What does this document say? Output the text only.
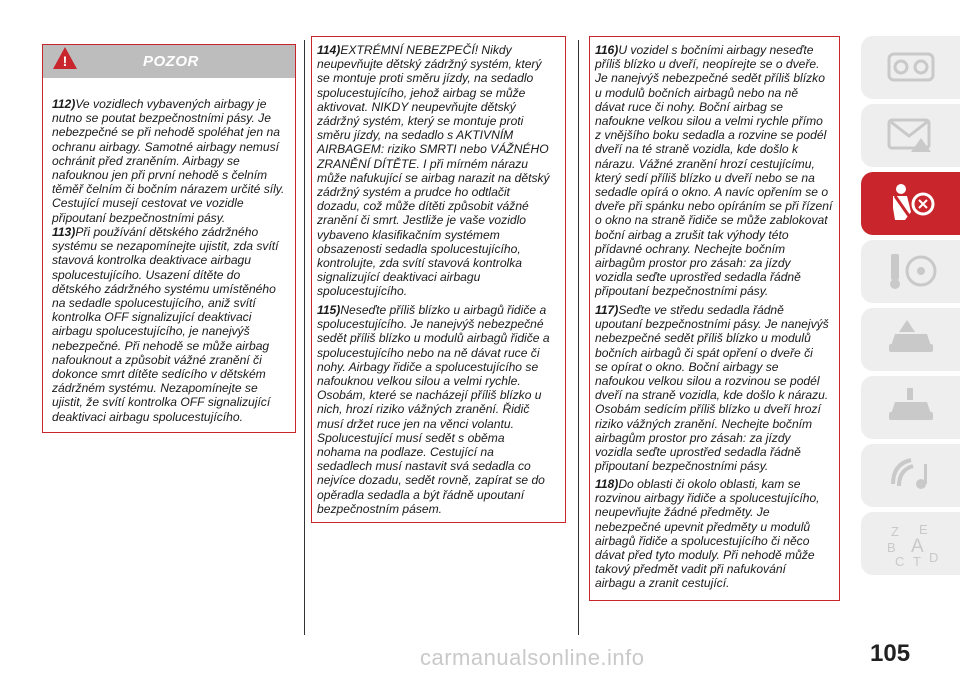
!	POZOR
112)Ve vozidlech vybavených airbagy je
nutno se poutat bezpečnostními pásy. Je
nebezpečné se při nehodě spoléhat jen na
ochranu airbagy. Samotné airbagy nemusí
ochránit před zraněním. Airbagy se
nafouknou jen při první nehodě s čelním
těměř čelním či bočním nárazem určité síly.
Cestující musejí cestovat ve vozidle
připoutaní bezpečnostními pásy.
113)Při používání dětského zádržného
systému se nezapomínejte ujistit, zda svítí
stavová kontrolka deaktivace airbagu
spolucestujícího. Usazení dítěte do
dětského zádržného systému umístěného
na sedadle spolucestujícího, aniž svítí
kontrolka OFF signalizující deaktivaci
airbagu spolucestujícího, je nanejvýš
nebezpečné. Při nehodě se může airbag
nafouknout a způsobit vážné zranění či
dokonce smrt dítěte sedícího v dětském
zádržném systému. Nezapomínejte se
ujistit, že svítí kontrolka OFF signalizující
deaktivaci airbagu spolucestujícího.
114)EXTRÉMNÍ NEBEZPEČÍ! Nikdy
neupevňujte dětský zádržný systém, který
se montuje proti směru jízdy, na sedadlo
spolucestujícího, jehož airbag se může
aktivovat. NIKDY neupevňujte dětský
zádržný systém, který se montuje proti
směru jízdy, na sedadlo s AKTIVNÍM
AIRBAGEM: riziko SMRTI nebo VÁŽNÉHO
ZRANĚNÍ DÍTĚTE. I při mírném nárazu
může nafukující se airbag narazit na dětský
zádržný systém a prudce ho odtlačit
dozadu, což může dítěti způsobit vážné
zranění či smrt. Jestliže je vaše vozidlo
vybaveno klasifikačním systémem
obsazenosti sedadla spolucestujícího,
kontrolujte, zda svítí stavová kontrolka
signalizující deaktivaci airbagu
spolucestujícího.
115)Neseďte příliš blízko u airbagů řidiče a
spolucestujícího. Je nanejvýš nebezpečné
sedět příliš blízko u modulů airbagů řidiče a
spolucestujícího nebo na ně dávat ruce či
nohy. Airbagy řidiče a spolucestujícího se
nafouknou velkou silou a velmi rychle.
Osobám, které se nacházejí příliš blízko u
nich, hrozí riziko vážných zranění. Řidič
musí držet ruce jen na věnci volantu.
Spolucestující musí sedět s oběma
nohama na podlaze. Cestující na
sedadlech musí nastavit svá sedadla co
nejvíce dozadu, sedět rovně, zapírat se do
opěradla sedadla a být řádně upoutaní
bezpečnostním pásem.
116)U vozidel s bočními airbagy neseďte
příliš blízko u dveří, neopírejte se o dveře.
Je nanejvýš nebezpečné sedět příliš blízko
u modulů bočních airbagů nebo na ně
dávat ruce či nohy. Boční airbag se
nafoukne velkou silou a velmi rychle přímo
z vnějšího boku sedadla a rozvine se podél
dveří na té straně vozidla, kde došlo k
nárazu. Vážné zranění hrozí cestujícímu,
který sedí příliš blízko u dveří nebo se na
sedadle opírá o okno. A navíc opřením se o
dveře při spánku nebo opíráním se při řízení
o okno na straně řidiče se může zablokovat
boční airbag a zrušit tak výhody této
přídavné ochrany. Nechejte bočním
airbagům prostor pro zásah: za jízdy
vozidla seďte uprostřed sedadla řádně
připoutaní bezpečnostními pásy.
117)Seďte ve středu sedadla řádně
upoutaní bezpečnostními pásy. Je nanejvýš
nebezpečné sedět příliš blízko u modulů
bočních airbagů či spát opření o dveře či
se opírat o okno. Boční airbagy se
nafoukou velkou silou a rozvinou se podél
dveří na straně vozidla, kde došlo k nárazu.
Osobám sedícím příliš blízko u dveří hrozí
riziko vážných zranění. Nechejte bočním
airbagům prostor pro zásah: za jízdy
vozidla seďte uprostřed sedadla řádně
připoutaní bezpečnostními pásy.
118)Do oblasti či okolo oblasti, kam se
rozvinou airbagy řidiče a spolucestujícího,
neupevňujte žádné předměty. Je
nebezpečné upevnit předměty u modulů
airbagů řidiče a spolucestujícího či něco
dávat před tyto moduly. Při nehodě může
takový předmět vadit při nafukování
airbagu a zranit cestující.
Z E
B A
C T D
carmanualsonline.info	105
